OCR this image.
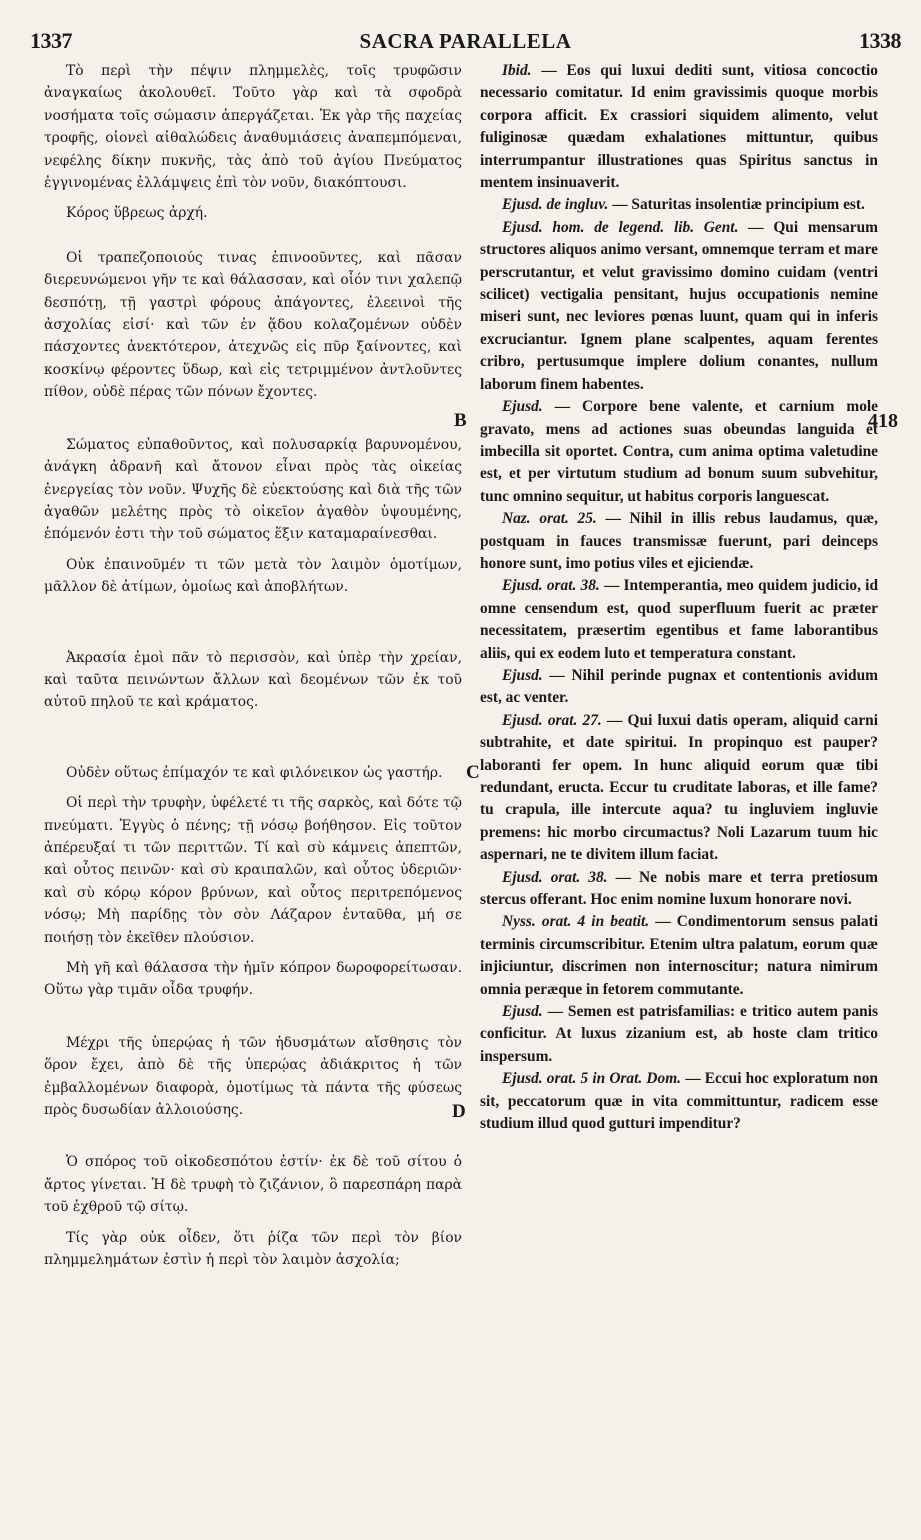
1337	SACRA PARALLELA	1338

Τὸ περὶ τὴν πέψιν πλημμελὲς, τοῖς τρυφῶσιν ἀναγκαίως ἀκολουθεῖ. Τοῦτο γὰρ καὶ τὰ σφοδρὰ νοσήματα τοῖς σώμασιν ἀπεργάζεται. Ἐκ γὰρ τῆς παχείας τροφῆς, οἱονεὶ αἰθαλώδεις ἀναθυμιάσεις ἀναπεμπόμεναι, νεφέλης δίκην πυκνῆς, τὰς ἀπὸ τοῦ ἁγίου Πνεύματος ἐγγινομένας ἐλλάμψεις ἐπὶ τὸν νοῦν, διακόπτουσι.

Κόρος ὕβρεως ἀρχή.

Οἱ τραπεζοποιούς τινας ἐπινοοῦντες, καὶ πᾶσαν διερευνώμενοι γῆν τε καὶ θάλασσαν, καὶ οἷόν τινι χαλεπῷ δεσπότῃ, τῇ γαστρὶ φόρους ἀπάγοντες, ἐλεεινοὶ τῆς ἀσχολίας εἰσί· καὶ τῶν ἐν ᾅδου κολαζομένων οὐδὲν πάσχοντες ἀνεκτότερον, ἀτεχνῶς εἰς πῦρ ξαίνοντες, καὶ κοσκίνῳ φέροντες ὕδωρ, καὶ εἰς τετριμμένον ἀντλοῦντες πίθον, οὐδὲ πέρας τῶν πόνων ἔχοντες.

Σώματος εὐπαθοῦντος, καὶ πολυσαρκίᾳ βαρυνομένου, ἀνάγκη ἀδρανῆ καὶ ἄτονον εἶναι πρὸς τὰς οἰκείας ἐνεργείας τὸν νοῦν. Ψυχῆς δὲ εὐεκτούσης καὶ διὰ τῆς τῶν ἀγαθῶν μελέτης πρὸς τὸ οἰκεῖον ἀγαθὸν ὑψουμένης, ἑπόμενόν ἐστι τὴν τοῦ σώματος ἕξιν καταμαραίνεσθαι.

Οὐκ ἐπαινοῦμέν τι τῶν μετὰ τὸν λαιμὸν ὁμοτίμων, μᾶλλον δὲ ἀτίμων, ὁμοίως καὶ ἀποβλήτων.

Ἀκρασία ἐμοὶ πᾶν τὸ περισσὸν, καὶ ὑπὲρ τὴν χρείαν, καὶ ταῦτα πεινώντων ἄλλων καὶ δεομένων τῶν ἐκ τοῦ αὐτοῦ πηλοῦ τε καὶ κράματος.

Οὐδὲν οὕτως ἐπίμαχόν τε καὶ φιλόνεικον ὡς γαστήρ.

Οἱ περὶ τὴν τρυφὴν, ὑφέλετέ τι τῆς σαρκὸς, καὶ δότε τῷ πνεύματι. Ἐγγὺς ὁ πένης; τῇ νόσῳ βοήθησον. Εἰς τοῦτον ἀπέρευξαί τι τῶν περιττῶν. Τί καὶ σὺ κάμνεις ἀπεπτῶν, καὶ οὗτος πεινῶν· καὶ σὺ κραιπαλῶν, καὶ οὗτος ὑδεριῶν· καὶ σὺ κόρῳ κόρον βρύνων, καὶ οὗτος περιτρεπόμενος νόσῳ; Μὴ παρίδῃς τὸν σὸν Λάζαρον ἐνταῦθα, μή σε ποιήσῃ τὸν ἐκεῖθεν πλούσιον.

Μὴ γῆ καὶ θάλασσα τὴν ἡμῖν κόπρον δωροφορείτωσαν. Οὕτω γὰρ τιμᾶν οἶδα τρυφήν.

Μέχρι τῆς ὑπερῴας ἡ τῶν ἡδυσμάτων αἴσθησις τὸν ὅρον ἔχει, ἀπὸ δὲ τῆς ὑπερῴας ἀδιάκριτος ἡ τῶν ἐμβαλλομένων διαφορὰ, ὁμοτίμως τὰ πάντα τῆς φύσεως πρὸς δυσωδίαν ἀλλοιούσης.

Ὁ σπόρος τοῦ οἰκοδεσπότου ἐστίν· ἐκ δὲ τοῦ σίτου ὁ ἄρτος γίνεται. Ἡ δὲ τρυφὴ τὸ ζιζάνιον, ὃ παρεσπάρη παρὰ τοῦ ἐχθροῦ τῷ σίτῳ.

Τίς γὰρ οὐκ οἶδεν, ὅτι ῥίζα τῶν περὶ τὸν βίον πλημμελημάτων ἐστὶν ἡ περὶ τὸν λαιμὸν ἀσχολία;

B
C
D

Ibid. — Eos qui luxui dediti sunt, vitiosa concoctio necessario comitatur. Id enim gravissimis quoque morbis corpora afficit. Ex crassiori siquidem alimento, velut fuliginosæ quædam exhalationes mittuntur, quibus interrumpantur illustrationes quas Spiritus sanctus in mentem insinuaverit.

Ejusd. de ingluv. — Saturitas insolentiæ principium est.

Ejusd. hom. de legend. lib. Gent. — Qui mensarum structores aliquos animo versant, omnemque terram et mare perscrutantur, et velut gravissimo domino cuidam (ventri scilicet) vectigalia pensitant, hujus occupationis nemine miseri sunt, nec leviores pœnas luunt, quam qui in inferis excruciantur. Ignem plane scalpentes, aquam ferentes cribro, pertusumque implere dolium conantes, nullum laborum finem habentes.

Ejusd. — Corpore bene valente, et carnium mole gravato, mens ad actiones suas obeundas languida et imbecilla sit oportet. Contra, cum anima optima valetudine est, et per virtutum studium ad bonum suum subvehitur, tunc omnino sequitur, ut habitus corporis languescat.

Naz. orat. 25. — Nihil in illis rebus laudamus, quæ, postquam in fauces transmissæ fuerunt, pari deinceps honore sunt, imo potius viles et ejiciendæ.

Ejusd. orat. 38. — Intemperantia, meo quidem judicio, id omne censendum est, quod superfluum fuerit ac præter necessitatem, præsertim egentibus et fame laborantibus aliis, qui ex eodem luto et temperatura constant.

Ejusd. — Nihil perinde pugnax et contentionis avidum est, ac venter.

Ejusd. orat. 27. — Qui luxui datis operam, aliquid carni subtrahite, et date spiritui. In propinquo est pauper? laboranti fer opem. In hunc aliquid eorum quæ tibi redundant, eructa. Eccur tu cruditate laboras, et ille fame? tu crapula, ille intercute aqua? tu ingluviem ingluvie premens: hic morbo circumactus? Noli Lazarum tuum hic aspernari, ne te divitem illum faciat.

Ejusd. orat. 38. — Ne nobis mare et terra pretiosum stercus offerant. Hoc enim nomine luxum honorare novi.

Nyss. orat. 4 in beatit. — Condimentorum sensus palati terminis circumscribitur. Etenim ultra palatum, eorum quæ injiciuntur, discrimen non internoscitur; natura nimirum omnia peræque in fetorem commutante.

Ejusd. — Semen est patrisfamilias: e tritico autem panis conficitur. At luxus zizanium est, ab hoste clam tritico inspersum.

Ejusd. orat. 5 in Orat. Dom. — Eccui hoc exploratum non sit, peccatorum quæ in vita committuntur, radicem esse studium illud quod gutturi impenditur?

418
